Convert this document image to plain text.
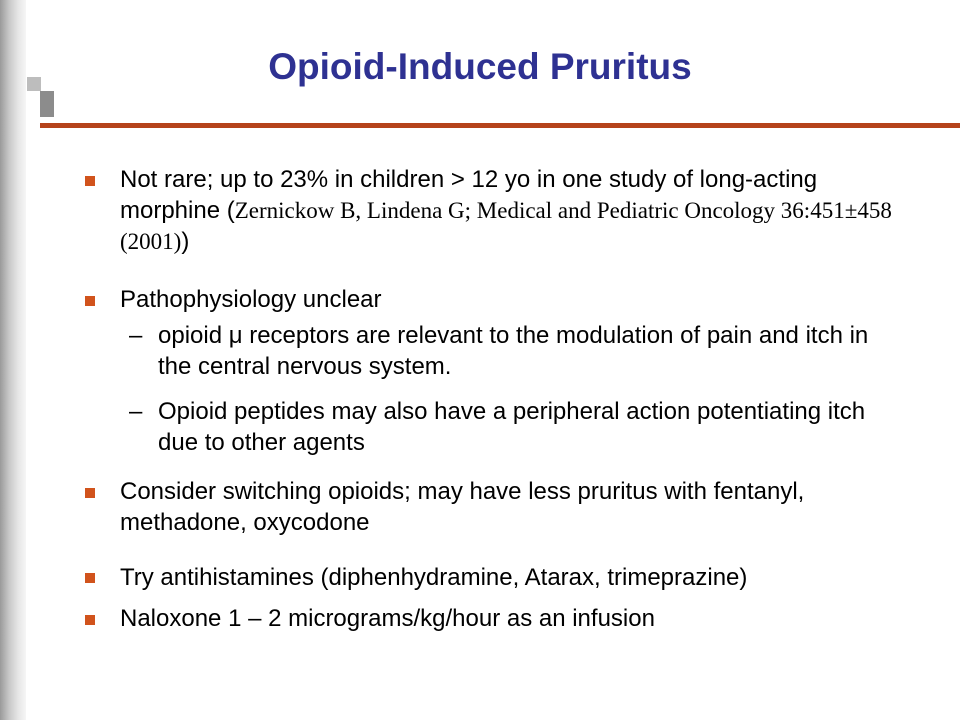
Opioid-Induced Pruritus
Not rare; up to 23% in children > 12 yo in one study of long-acting morphine (Zernickow B, Lindena G; Medical and Pediatric Oncology 36:451±458 (2001))
Pathophysiology unclear
– opioid μ receptors are relevant to the modulation of pain and itch in the central nervous system.
– Opioid peptides may also have a peripheral action potentiating itch due to other agents
Consider switching opioids; may have less pruritus with fentanyl, methadone, oxycodone
Try antihistamines (diphenhydramine, Atarax, trimeprazine)
Naloxone 1 – 2 micrograms/kg/hour as an infusion
